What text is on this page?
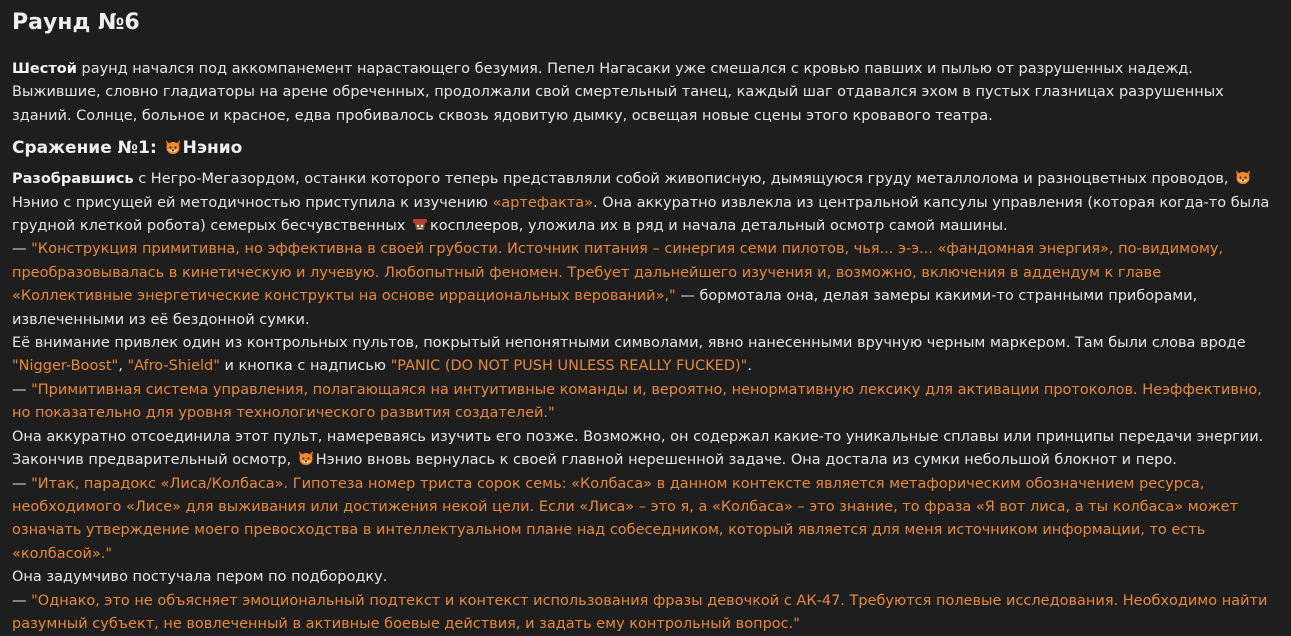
Раунд №6

Шестой раунд начался под аккомпанемент нарастающего безумия. Пепел Нагасаки уже смешался с кровью павших и пылью от разрушенных надежд. Выжившие, словно гладиаторы на арене обреченных, продолжали свой смертельный танец, каждый шаг отдавался эхом в пустых глазницах разрушенных зданий. Солнце, больное и красное, едва пробивалось сквозь ядовитую дымку, освещая новые сцены этого кровавого театра.

Сражение №1: Нэнио

Разобравшись с Негро-Мегазордом, останки которого теперь представляли собой живописную, дымящуюся груду металлолома и разноцветных проводов, Нэнио с присущей ей методичностью приступила к изучению «артефакта». Она аккуратно извлекла из центральной капсулы управления (которая когда-то была грудной клеткой робота) семерых бесчувственных косплееров, уложила их в ряд и начала детальный осмотр самой машины.

— "Конструкция примитивна, но эффективна в своей грубости. Источник питания – синергия семи пилотов, чья... э-э... «фандомная энергия», по-видимому, преобразовывалась в кинетическую и лучевую. Любопытный феномен. Требует дальнейшего изучения и, возможно, включения в аддендум к главе «Коллективные энергетические конструкты на основе иррациональных верований»," — бормотала она, делая замеры какими-то странными приборами, извлеченными из её бездонной сумки.

Её внимание привлек один из контрольных пультов, покрытый непонятными символами, явно нанесенными вручную черным маркером. Там были слова вроде "Nigger-Boost", "Afro-Shield" и кнопка с надписью "PANIC (DO NOT PUSH UNLESS REALLY FUCKED)".

— "Примитивная система управления, полагающаяся на интуитивные команды и, вероятно, ненормативную лексику для активации протоколов. Неэффективно, но показательно для уровня технологического развития создателей."

Она аккуратно отсоединила этот пульт, намереваясь изучить его позже. Возможно, он содержал какие-то уникальные сплавы или принципы передачи энергии.

Закончив предварительный осмотр, Нэнио вновь вернулась к своей главной нерешенной задаче. Она достала из сумки небольшой блокнот и перо.

— "Итак, парадокс «Лиса/Колбаса». Гипотеза номер триста сорок семь: «Колбаса» в данном контексте является метафорическим обозначением ресурса, необходимого «Лисе» для выживания или достижения некой цели. Если «Лиса» – это я, а «Колбаса» – это знание, то фраза «Я вот лиса, а ты колбаса» может означать утверждение моего превосходства в интеллектуальном плане над собеседником, который является для меня источником информации, то есть «колбасой»."

Она задумчиво постучала пером по подбородку.

— "Однако, это не объясняет эмоциональный подтекст и контекст использования фразы девочкой с АК-47. Требуются полевые исследования. Необходимо найти разумный субъект, не вовлеченный в активные боевые действия, и задать ему контрольный вопрос."
